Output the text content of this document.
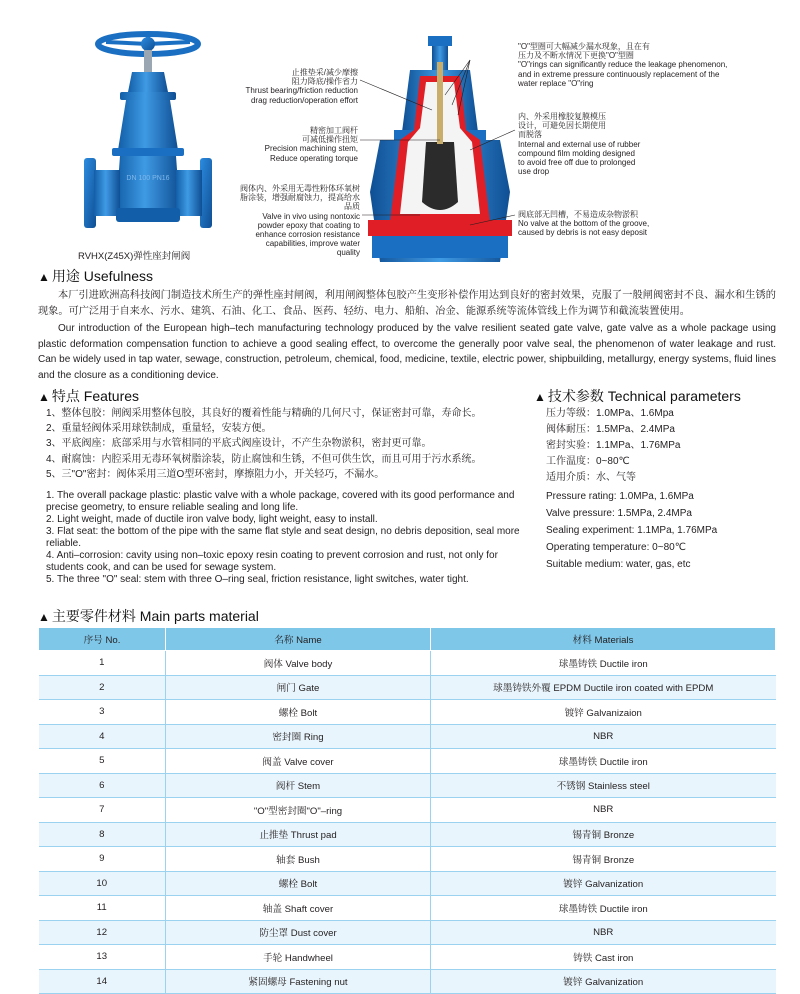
DN 100 PN16
RVHX(Z45X)弹性座封闸阀
止推垫采/减少摩擦
阻力降底/操作省力
Thrust bearing/friction reduction
drag reduction/operation effort
精密加工阀杆
可减低操作扭矩
Precision machining stem,
Reduce operating torque
阀体内、外采用无毒性粉体环氧树
脂涂装，增强耐腐蚀力，提高给水
品质
Valve in vivo using nontoxic
powder epoxy that coating to
enhance corrosion resistance
capabilities, improve water
quality
"O"型圈可大幅减少漏水现象，且在有
压力及不断水情况下更换"O"型圈
"O"rings can significantly reduce the leakage phenomenon,
and in extreme pressure continuously replacement of the
water replace "O"ring
内、外采用橡胶复膜模压
设计，可避免因长期使用
而脱落
Internal and external use of rubber
compound film molding designed
to avoid free off due to prolonged
use drop
阀底部无凹槽，不易造成杂物淤积
No valve at the bottom of the groove,
caused by debris is not easy deposit
▲ 用途 Usefulness
本厂引进欧洲高科技阀门制造技术所生产的弹性座封闸阀，利用闸阀整体包胶产生变形补偿作用达到良好的密封效果，克服了一般闸阀密封不良、漏水和生锈的现象。可广泛用于自来水、污水、建筑、石油、化工、食品、医药、轻纺、电力、船舶、冶金、能源系统等流体管线上作为调节和截流装置使用。
Our introduction of the European high–tech manufacturing technology produced by the valve resilient seated gate valve, gate valve as a whole package using plastic deformation compensation function to achieve a good sealing effect, to overcome the generally poor valve seal, the phenomenon of water leakage and rust. Can be widely used in tap water, sewage, construction, petroleum, chemical, food, medicine, textile, electric power, shipbuilding, metallurgy, energy systems, fluid lines and the closure as a conditioning device.
▲ 特点 Features
1、整体包胶：闸阀采用整体包胶，其良好的覆着性能与精确的几何尺寸，保证密封可靠，寿命长。
2、重量轻阀体采用球铁制成，重量轻，安装方便。
3、平底阀座：底部采用与水管相同的平底式阀座设计，不产生杂物淤积，密封更可靠。
4、耐腐蚀：内腔采用无毒环氧树脂涂装，防止腐蚀和生锈，不但可供生饮，而且可用于污水系统。
5、三"O"密封：阀体采用三道O型环密封，摩擦阻力小，开关轻巧，不漏水。
1. The overall package plastic: plastic valve with a whole package, covered with its good performance and precise geometry, to ensure reliable sealing and long life.
2. Light weight, made of ductile iron valve body, light weight, easy to install.
3. Flat seat: the bottom of the pipe with the same flat style and seat design, no debris deposition, seal more reliable.
4. Anti–corrosion: cavity using non–toxic epoxy resin coating to prevent corrosion and rust, not only for students cook, and can be used for sewage system.
5. The three "O" seal: stem with three O–ring seal, friction resistance, light switches, water tight.
▲ 技术参数 Technical parameters
压力等级：1.0MPa、1.6Mpa
阀体耐压：1.5MPa、2.4MPa
密封实验：1.1MPa、1.76MPa
工作温度：0~80℃
适用介质：水、气等
Pressure rating: 1.0MPa, 1.6MPa
Valve pressure: 1.5MPa, 2.4MPa
Sealing experiment: 1.1MPa, 1.76MPa
Operating temperature: 0~80℃
Suitable medium: water, gas, etc
▲ 主要零件材料 Main parts material
序号 No.	名称 Name	材料 Materials
1	阀体 Valve body	球墨铸铁 Ductile iron
2	闸门 Gate	球墨铸铁外覆 EPDM Ductile iron coated with EPDM
3	螺栓 Bolt	镀锌 Galvanizaion
4	密封圈 Ring	NBR
5	阀盖 Valve cover	球墨铸铁 Ductile iron
6	阀杆 Stem	不锈钢 Stainless steel
7	"O"型密封圈"O"–ring	NBR
8	止推垫 Thrust pad	锡青铜 Bronze
9	轴套 Bush	锡青铜 Bronze
10	螺栓 Bolt	镀锌 Galvanization
11	轴盖 Shaft cover	球墨铸铁 Ductile iron
12	防尘罩 Dust cover	NBR
13	手轮 Handwheel	铸铁 Cast iron
14	紧固螺母 Fastening nut	镀锌 Galvanization
